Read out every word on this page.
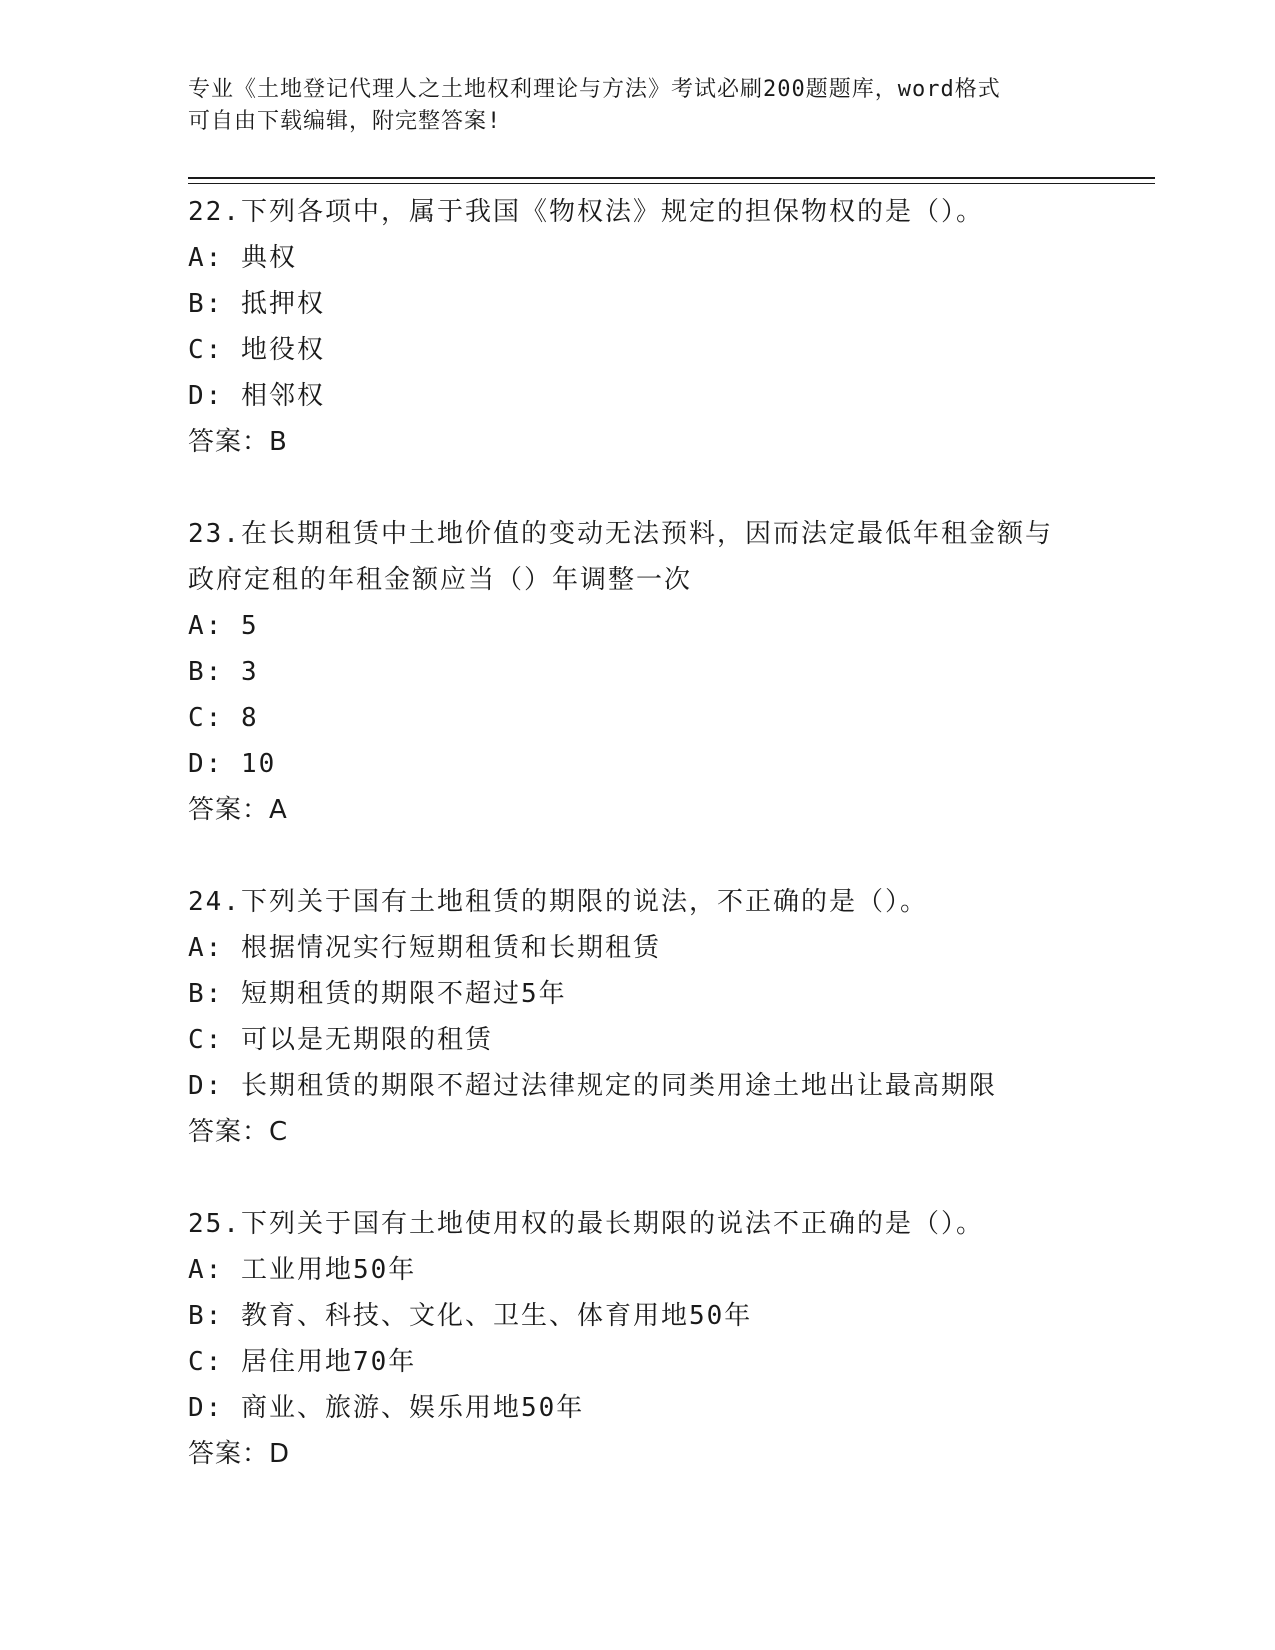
专业《土地登记代理人之土地权利理论与方法》考试必刷200题题库，word格式
可自由下载编辑，附完整答案!
22.下列各项中，属于我国《物权法》规定的担保物权的是（）。
A: 典权
B: 抵押权
C: 地役权
D: 相邻权
答案：B
23.在长期租赁中土地价值的变动无法预料，因而法定最低年租金额与
政府定租的年租金额应当（）年调整一次
A: 5
B: 3
C: 8
D: 10
答案：A
24.下列关于国有土地租赁的期限的说法，不正确的是（）。
A: 根据情况实行短期租赁和长期租赁
B: 短期租赁的期限不超过5年
C: 可以是无期限的租赁
D: 长期租赁的期限不超过法律规定的同类用途土地出让最高期限
答案：C
25.下列关于国有土地使用权的最长期限的说法不正确的是（）。
A: 工业用地50年
B: 教育、科技、文化、卫生、体育用地50年
C: 居住用地70年
D: 商业、旅游、娱乐用地50年
答案：D
